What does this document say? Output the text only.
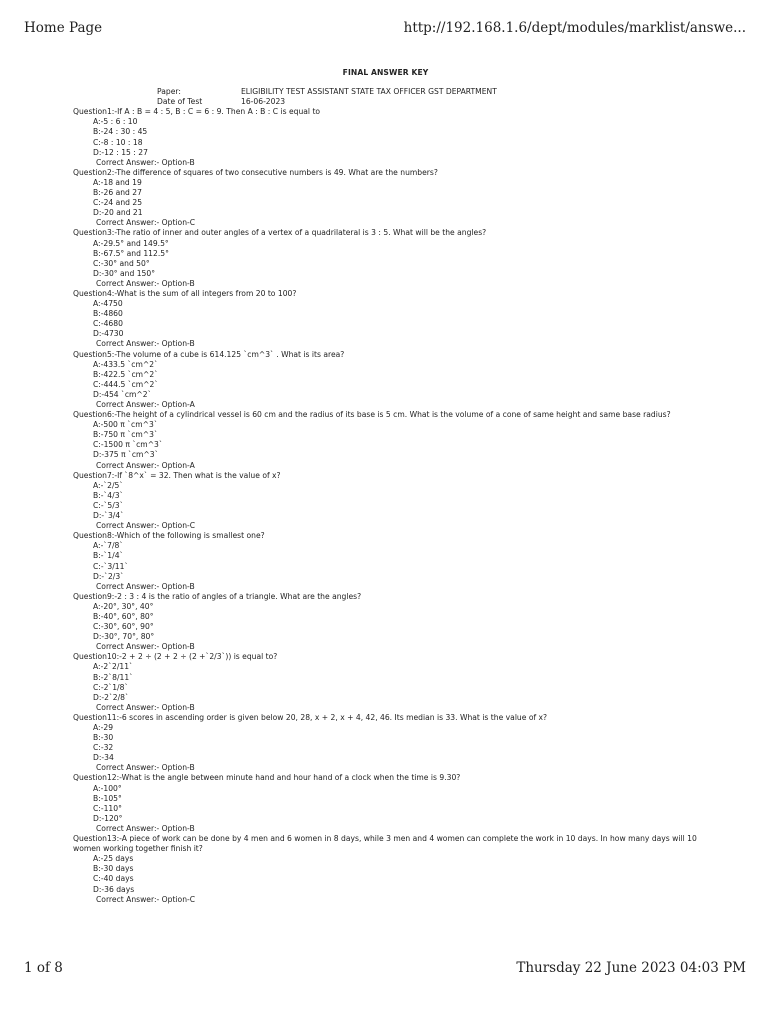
Home Page	http://192.168.1.6/dept/modules/marklist/answe...
FINAL ANSWER KEY
Paper:	ELIGIBILITY TEST ASSISTANT STATE TAX OFFICER GST DEPARTMENT
Date of Test	16-06-2023
Question1:-If A : B = 4 : 5, B : C = 6 : 9. Then A : B : C is equal to
A:-5 : 6 : 10
B:-24 : 30 : 45
C:-8 : 10 : 18
D:-12 : 15 : 27
Correct Answer:- Option-B
Question2:-The difference of squares of two consecutive numbers is 49. What are the numbers?
A:-18 and 19
B:-26 and 27
C:-24 and 25
D:-20 and 21
Correct Answer:- Option-C
Question3:-The ratio of inner and outer angles of a vertex of a quadrilateral is 3 : 5. What will be the angles?
A:-29.5° and 149.5°
B:-67.5° and 112.5°
C:-30° and 50°
D:-30° and 150°
Correct Answer:- Option-B
Question4:-What is the sum of all integers from 20 to 100?
A:-4750
B:-4860
C:-4680
D:-4730
Correct Answer:- Option-B
Question5:-The volume of a cube is 614.125 `cm^3` . What is its area?
A:-433.5 `cm^2`
B:-422.5 `cm^2`
C:-444.5 `cm^2`
D:-454 `cm^2`
Correct Answer:- Option-A
Question6:-The height of a cylindrical vessel is 60 cm and the radius of its base is 5 cm. What is the volume of a cone of same height and same base radius?
A:-500 π `cm^3`
B:-750 π `cm^3`
C:-1500 π `cm^3`
D:-375 π `cm^3`
Correct Answer:- Option-A
Question7:-If `8^x` = 32. Then what is the value of x?
A:-`2/5`
B:-`4/3`
C:-`5/3`
D:-`3/4`
Correct Answer:- Option-C
Question8:-Which of the following is smallest one?
A:-`7/8`
B:-`1/4`
C:-`3/11`
D:-`2/3`
Correct Answer:- Option-B
Question9:-2 : 3 : 4 is the ratio of angles of a triangle. What are the angles?
A:-20°, 30°, 40°
B:-40°, 60°, 80°
C:-30°, 60°, 90°
D:-30°, 70°, 80°
Correct Answer:- Option-B
Question10:-2 + 2 ÷ (2 + 2 ÷ (2 +`2/3`)) is equal to?
A:-2`2/11`
B:-2`8/11`
C:-2`1/8`
D:-2`2/8`
Correct Answer:- Option-B
Question11:-6 scores in ascending order is given below 20, 28, x + 2, x + 4, 42, 46. Its median is 33. What is the value of x?
A:-29
B:-30
C:-32
D:-34
Correct Answer:- Option-B
Question12:-What is the angle between minute hand and hour hand of a clock when the time is 9.30?
A:-100°
B:-105°
C:-110°
D:-120°
Correct Answer:- Option-B
Question13:-A piece of work can be done by 4 men and 6 women in 8 days, while 3 men and 4 women can complete the work in 10 days. In how many days will 10 women working together finish it?
A:-25 days
B:-30 days
C:-40 days
D:-36 days
Correct Answer:- Option-C
1 of 8	Thursday 22 June 2023 04:03 PM
